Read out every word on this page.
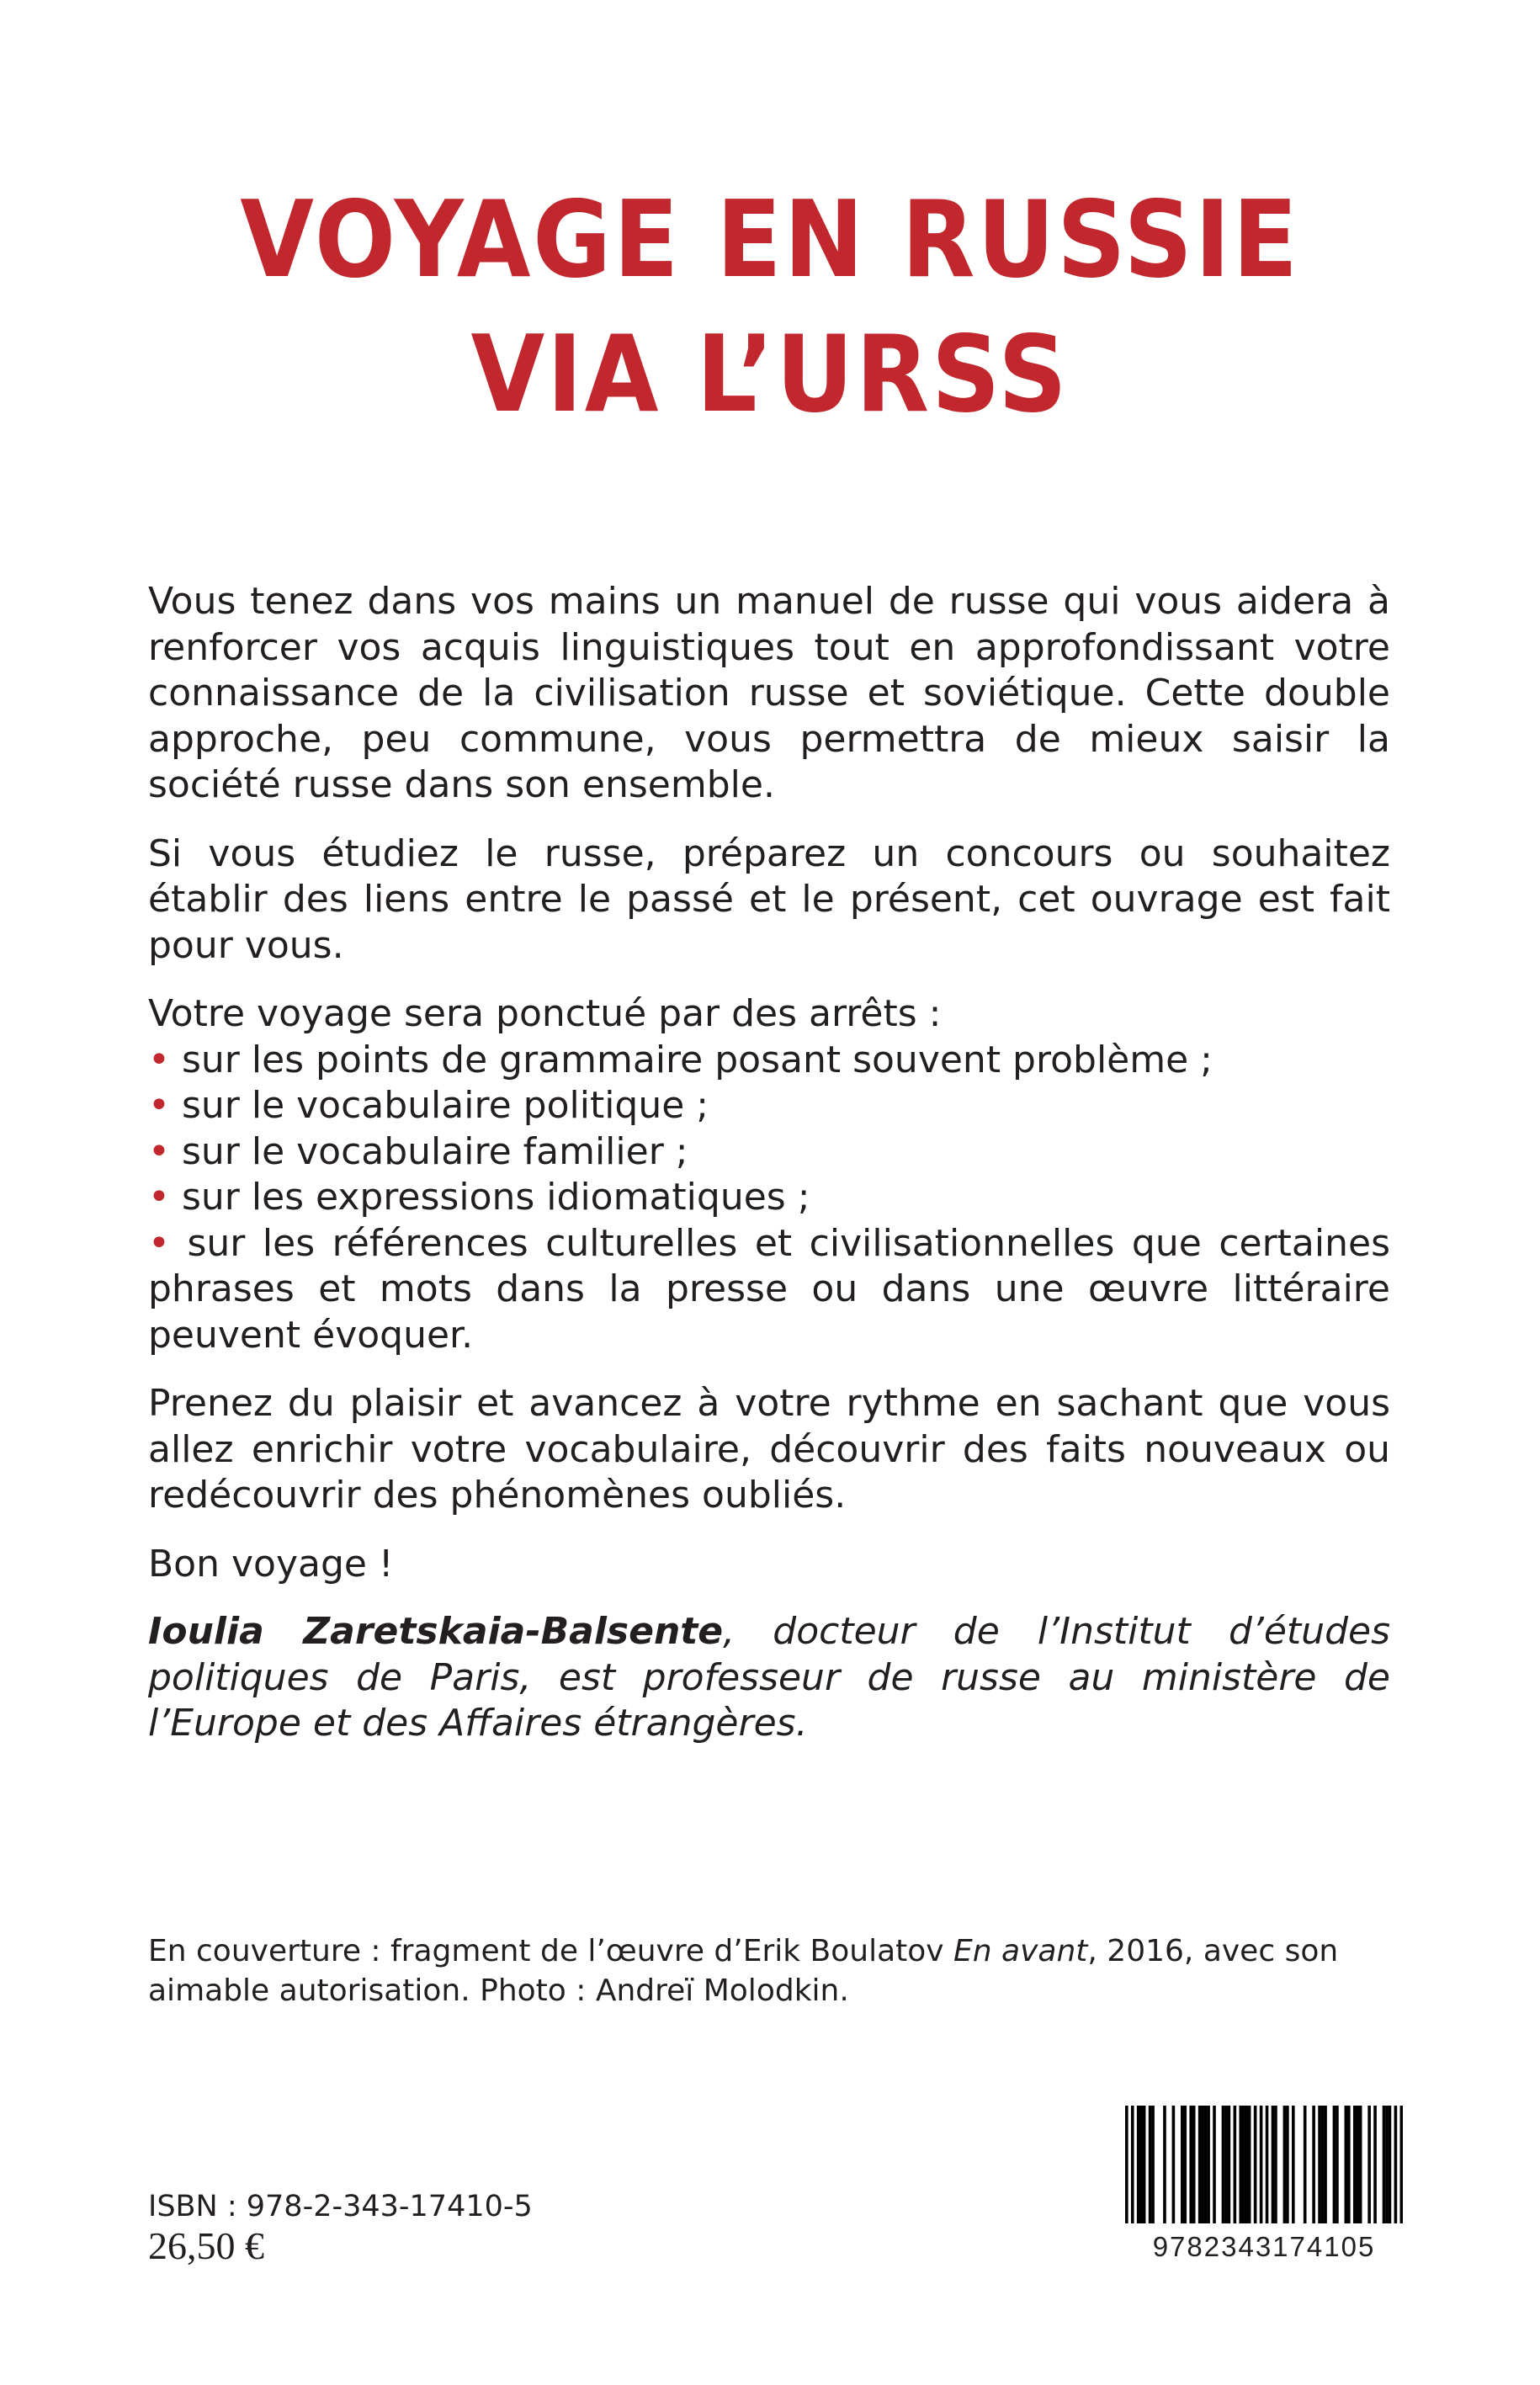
VOYAGE EN RUSSIE
VIA L’URSS

Vous tenez dans vos mains un manuel de russe qui vous aidera à renforcer vos acquis linguistiques tout en approfondissant votre connaissance de la civilisation russe et soviétique. Cette double approche, peu commune, vous permettra de mieux saisir la société russe dans son ensemble.

Si vous étudiez le russe, préparez un concours ou souhaitez établir des liens entre le passé et le présent, cet ouvrage est fait pour vous.

Votre voyage sera ponctué par des arrêts :
• sur les points de grammaire posant souvent problème ;
• sur le vocabulaire politique ;
• sur le vocabulaire familier ;
• sur les expressions idiomatiques ;
• sur les références culturelles et civilisationnelles que certaines phrases et mots dans la presse ou dans une œuvre littéraire peuvent évoquer.

Prenez du plaisir et avancez à votre rythme en sachant que vous allez enrichir votre vocabulaire, découvrir des faits nouveaux ou redécouvrir des phénomènes oubliés.

Bon voyage !

Ioulia Zaretskaia-Balsente, docteur de l’Institut d’études politiques de Paris, est professeur de russe au ministère de l’Europe et des Affaires étrangères.
En couverture : fragment de l’œuvre d’Erik Boulatov En avant, 2016, avec son aimable autorisation. Photo : Andreï Molodkin.
ISBN : 978-2-343-17410-5
26,50 €	9782343174105
